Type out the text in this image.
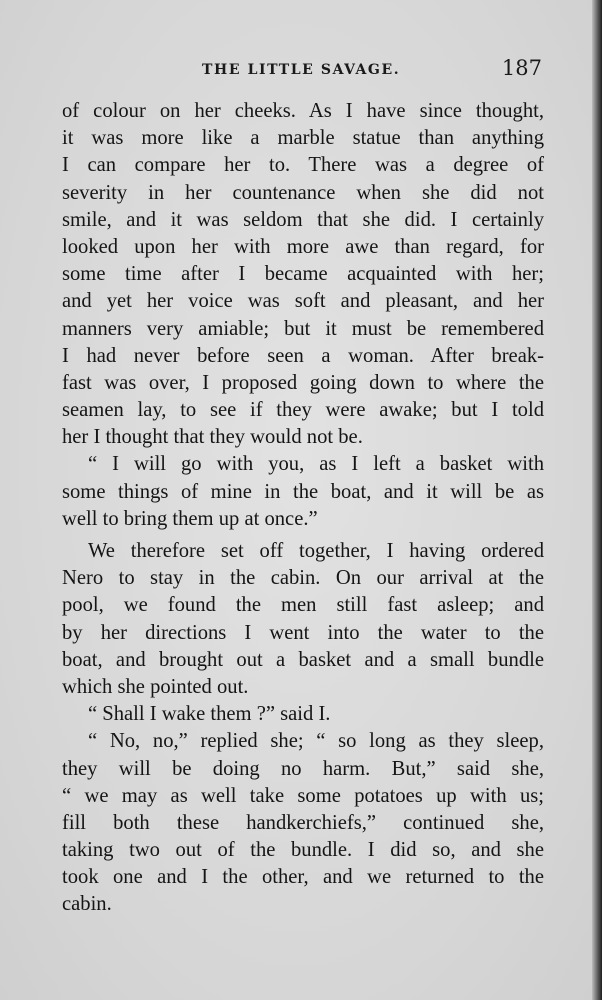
THE LITTLE SAVAGE.	187
of colour on her cheeks. As I have since thought,
it was more like a marble statue than anything
I can compare her to. There was a degree of
severity in her countenance when she did not
smile, and it was seldom that she did. I certainly
looked upon her with more awe than regard, for
some time after I became acquainted with her;
and yet her voice was soft and pleasant, and her
manners very amiable; but it must be remembered
I had never before seen a woman. After break-
fast was over, I proposed going down to where the
seamen lay, to see if they were awake; but I told
her I thought that they would not be.
“ I will go with you, as I left a basket with
some things of mine in the boat, and it will be as
well to bring them up at once.”
We therefore set off together, I having ordered
Nero to stay in the cabin. On our arrival at the
pool, we found the men still fast asleep; and
by her directions I went into the water to the
boat, and brought out a basket and a small bundle
which she pointed out.
“ Shall I wake them ?” said I.
“ No, no,” replied she; “ so long as they sleep,
they will be doing no harm. But,” said she,
“ we may as well take some potatoes up with us;
fill both these handkerchiefs,” continued she,
taking two out of the bundle. I did so, and she
took one and I the other, and we returned to the
cabin.
